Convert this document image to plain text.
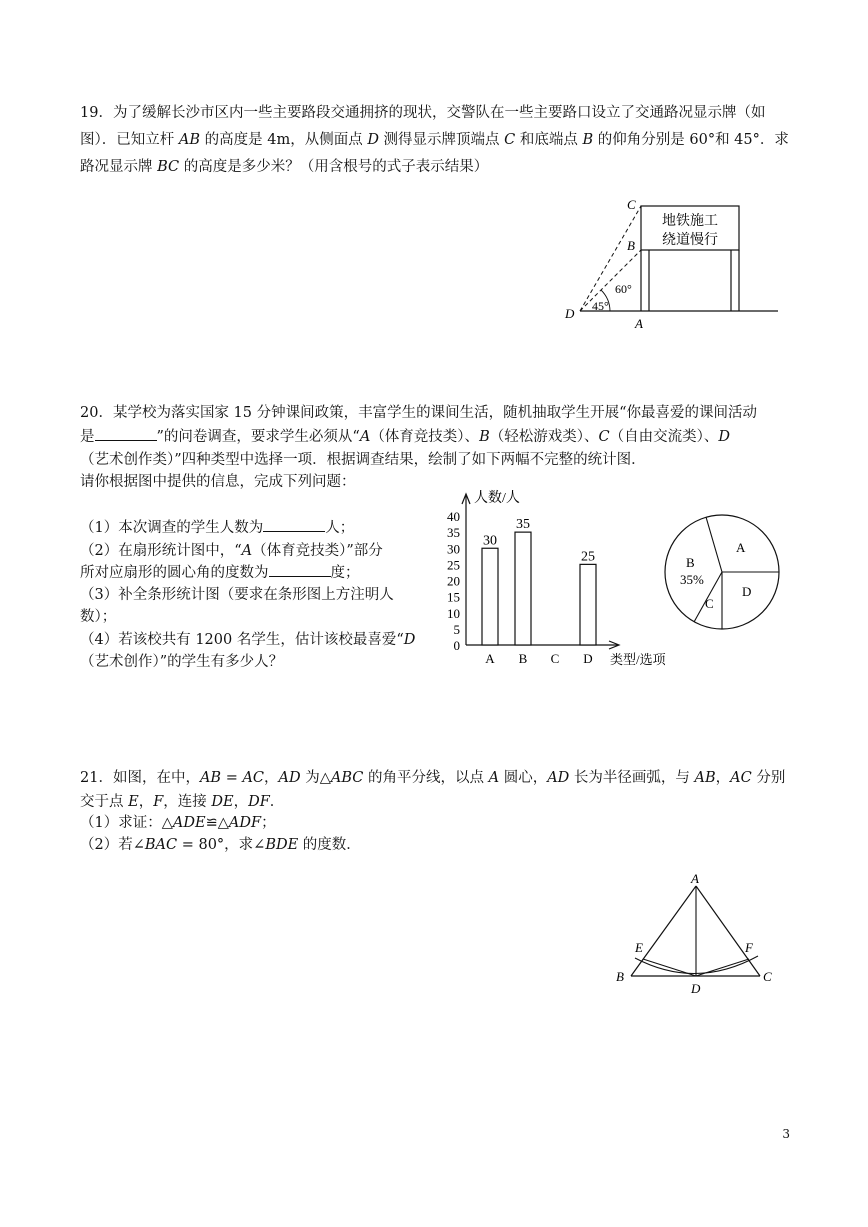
19．为了缓解长沙市区内一些主要路段交通拥挤的现状，交警队在一些主要路口设立了交通路况显示牌（如
图）．已知立杆 AB 的高度是 4m，从侧面点 D 测得显示牌顶端点 C 和底端点 B 的仰角分别是 60°和 45°．求
路况显示牌 BC 的高度是多少米？（用含根号的式子表示结果）
地铁施工
绕道慢行
C
B
D
A
60°
45°
20．某学校为落实国家 15 分钟课间政策，丰富学生的课间生活，随机抽取学生开展“你最喜爱的课间活动
是	”的问卷调查，要求学生必须从“A（体育竞技类）、B（轻松游戏类）、C（自由交流类）、D
（艺术创作类）”四种类型中选择一项．根据调查结果，绘制了如下两幅不完整的统计图．
请你根据图中提供的信息，完成下列问题：
（1）本次调查的学生人数为	人；
（2）在扇形统计图中，“A（体育竞技类）”部分
所对应扇形的圆心角的度数为	度；
（3）补全条形统计图（要求在条形图上方注明人
数）；
（4）若该校共有 1200 名学生，估计该校最喜爱“D
（艺术创作）”的学生有多少人？
人数/人
类型/选项
0
5
10
15
20
25
30
35
40
A
30
B
35
C D
25
A
B
35%
C
D
21．如图，在中，AB = AC，AD 为△ABC 的角平分线，以点 A 圆心，AD 长为半径画弧，与 AB，AC 分别
交于点 E，F，连接 DE，DF．
（1）求证：△ADE≌△ADF；
（2）若∠BAC = 80°，求∠BDE 的度数．
A
B	C
D
E	F
3
